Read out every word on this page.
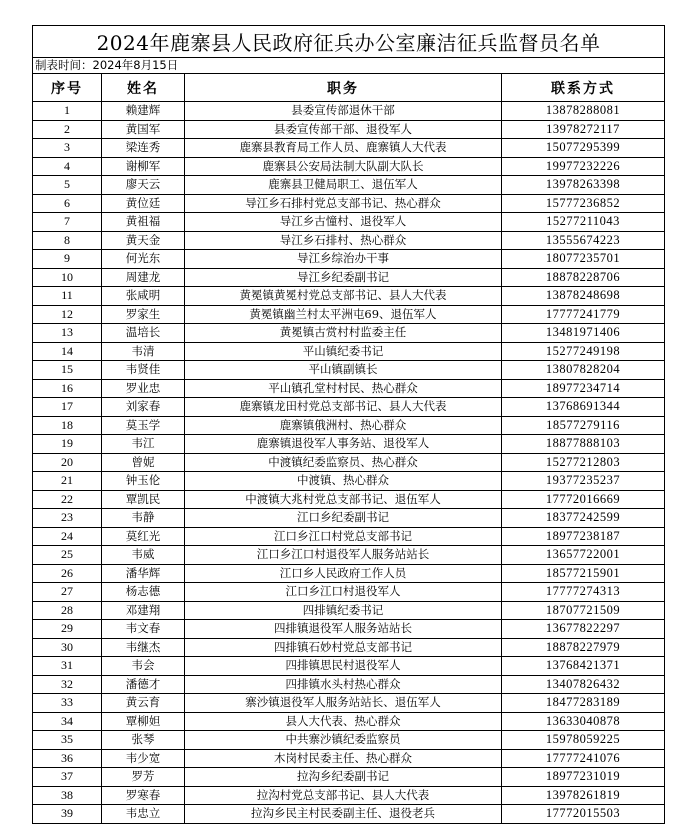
2024年鹿寨县人民政府征兵办公室廉洁征兵监督员名单			
制表时间：2024年8月15日			
序号	姓名	职务	联系方式
1	赖建辉	县委宣传部退休干部	13878288081
2	黄国军	县委宣传部干部、退役军人	13978272117
3	梁连秀	鹿寨县教育局工作人员、鹿寨镇人大代表	15077295399
4	谢柳军	鹿寨县公安局法制大队副大队长	19977232226
5	廖天云	鹿寨县卫健局职工、退伍军人	13978263398
6	黄位廷	导江乡石排村党总支部书记、热心群众	15777236852
7	黄祖福	导江乡古憧村、退役军人	15277211043
8	黄天金	导江乡石排村、热心群众	13555674223
9	何光东	导江乡综治办干事	18077235701
10	周建龙	导江乡纪委副书记	18878228706
11	张咸明	黄冕镇黄冕村党总支部书记、县人大代表	13878248698
12	罗家生	黄冕镇幽兰村太平洲屯69、退伍军人	17777241779
13	温培长	黄冕镇古赏村村监委主任	13481971406
14	韦清	平山镇纪委书记	15277249198
15	韦贤佳	平山镇副镇长	13807828204
16	罗业忠	平山镇孔堂村村民、热心群众	18977234714
17	刘家春	鹿寨镇龙田村党总支部书记、县人大代表	13768691344
18	莫玉学	鹿寨镇俄洲村、热心群众	18577279116
19	韦江	鹿寨镇退役军人事务站、退役军人	18877888103
20	曾妮	中渡镇纪委监察员、热心群众	15277212803
21	钟玉伦	中渡镇、热心群众	19377235237
22	覃凯民	中渡镇大兆村党总支部书记、退伍军人	17772016669
23	韦静	江口乡纪委副书记	18377242599
24	莫红光	江口乡江口村党总支部书记	18977238187
25	韦威	江口乡江口村退役军人服务站站长	13657722001
26	潘华辉	江口乡人民政府工作人员	18577215901
27	杨志德	江口乡江口村退役军人	17777274313
28	邓建翔	四排镇纪委书记	18707721509
29	韦文春	四排镇退役军人服务站站长	13677822297
30	韦继杰	四排镇石妙村党总支部书记	18878227979
31	韦会	四排镇思民村退役军人	13768421371
32	潘德才	四排镇水头村热心群众	13407826432
33	黄云育	寨沙镇退役军人服务站站长、退伍军人	18477283189
34	覃柳妲	县人大代表、热心群众	13633040878
35	张琴	中共寨沙镇纪委监察员	15978059225
36	韦少宽	木岗村民委主任、热心群众	17777241076
37	罗芳	拉沟乡纪委副书记	18977231019
38	罗寒春	拉沟村党总支部书记、县人大代表	13978261819
39	韦忠立	拉沟乡民主村民委副主任、退役老兵	17772015503
